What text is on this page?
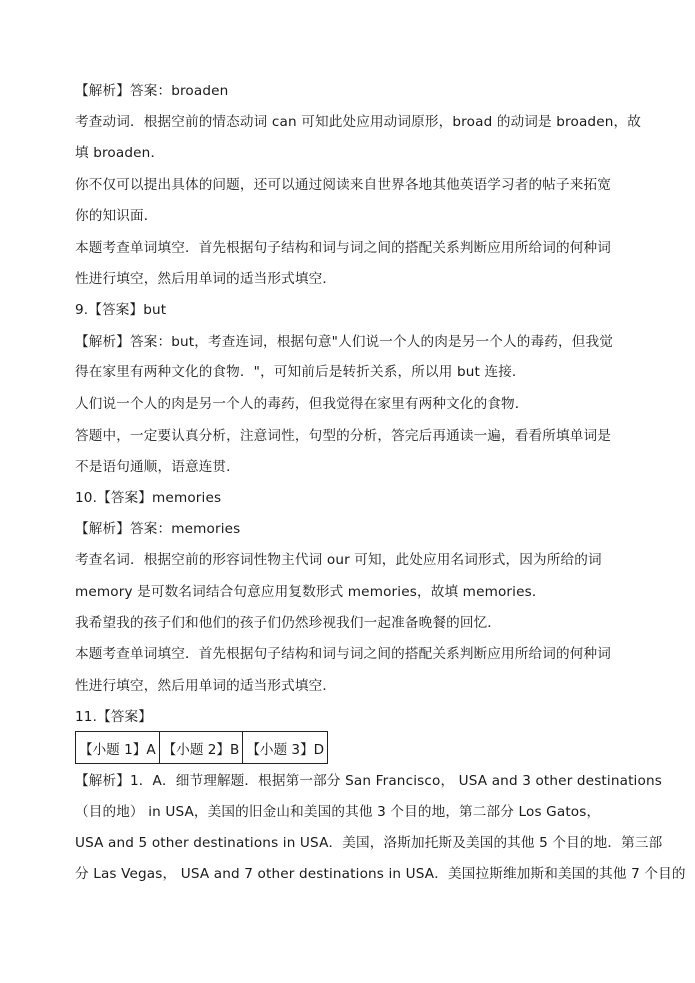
【解析】答案：broaden
考查动词．根据空前的情态动词 can 可知此处应用动词原形，broad 的动词是 broaden，故
填 broaden．
你不仅可以提出具体的问题，还可以通过阅读来自世界各地其他英语学习者的帖子来拓宽
你的知识面．
本题考查单词填空．首先根据句子结构和词与词之间的搭配关系判断应用所给词的何种词
性进行填空，然后用单词的适当形式填空．
9.【答案】but
【解析】答案：but，考查连词，根据句意"人们说一个人的肉是另一个人的毒药，但我觉
得在家里有两种文化的食物．"，可知前后是转折关系，所以用 but 连接．
人们说一个人的肉是另一个人的毒药，但我觉得在家里有两种文化的食物．
答题中，一定要认真分析，注意词性，句型的分析，答完后再通读一遍，看看所填单词是
不是语句通顺，语意连贯．
10.【答案】memories
【解析】答案：memories
考查名词．根据空前的形容词性物主代词 our 可知，此处应用名词形式，因为所给的词
memory 是可数名词结合句意应用复数形式 memories，故填 memories．
我希望我的孩子们和他们的孩子们仍然珍视我们一起准备晚餐的回忆．
本题考查单词填空．首先根据句子结构和词与词之间的搭配关系判断应用所给词的何种词
性进行填空，然后用单词的适当形式填空．
11.【答案】
【小题 1】A	【小题 2】B	【小题 3】D
【解析】1．A．细节理解题．根据第一部分 San Francisco， USA and 3 other destinations
（目的地） in USA，美国的旧金山和美国的其他 3 个目的地，第二部分 Los Gatos，
USA and 5 other destinations in USA．美国，洛斯加托斯及美国的其他 5 个目的地．第三部
分 Las Vegas， USA and 7 other destinations in USA．美国拉斯维加斯和美国的其他 7 个目的
